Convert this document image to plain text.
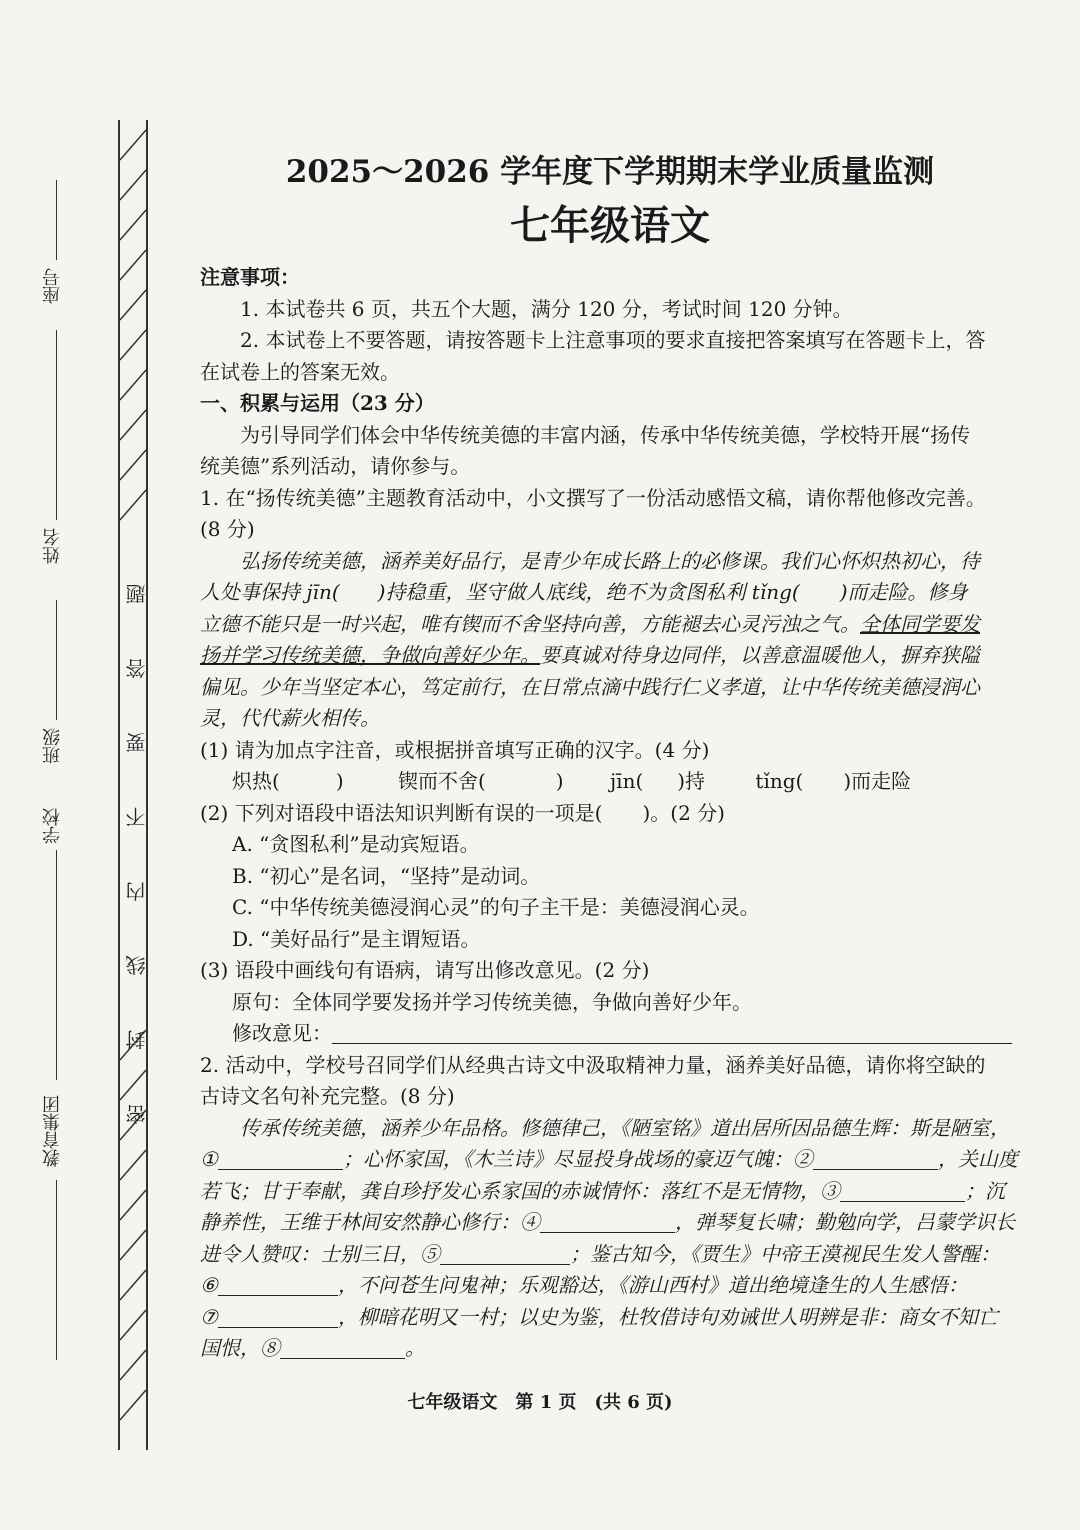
座号
姓名
班级
学校
教育集团
密 封 线 内 不 要 答 题
2025～2026 学年度下学期期末学业质量监测
七年级语文

注意事项：

1. 本试卷共 6 页，共五个大题，满分 120 分，考试时间 120 分钟。

2. 本试卷上不要答题，请按答题卡上注意事项的要求直接把答案填写在答题卡上，答

在试卷上的答案无效。

一、积累与运用（23 分）

为引导同学们体会中华传统美德的丰富内涵，传承中华传统美德，学校特开展“扬传

统美德”系列活动，请你参与。

1. 在“扬传统美德”主题教育活动中，小文撰写了一份活动感悟文稿，请你帮他修改完善。

(8 分)

弘扬传统美德，涵养美好品行，是青少年成长路上的必修课。我们心怀炽热初心，待

人处事保持 jīn( )持稳重，坚守做人底线，绝不为贪图私利 tǐng( )而走险。修身

立德不能只是一时兴起，唯有锲而不舍坚持向善，方能褪去心灵污浊之气。全体同学要发

扬并学习传统美德，争做向善好少年。要真诚对待身边同伴，以善意温暖他人，摒弃狭隘

偏见。少年当坚定本心，笃定前行，在日常点滴中践行仁义孝道，让中华传统美德浸润心

灵，代代薪火相传。

(1) 请为加点字注音，或根据拼音填写正确的汉字。(4 分)

炽热(	)	锲而不舍(	) jīn( )持	tǐng( )而走险

(2) 下列对语段中语法知识判断有误的一项是(　　)。(2 分)

A. “贪图私利”是动宾短语。

B. “初心”是名词，“坚持”是动词。

C. “中华传统美德浸润心灵”的句子主干是：美德浸润心灵。

D. “美好品行”是主谓短语。

(3) 语段中画线句有语病，请写出修改意见。(2 分)

原句：全体同学要发扬并学习传统美德，争做向善好少年。

修改意见：

2. 活动中，学校号召同学们从经典古诗文中汲取精神力量，涵养美好品德，请你将空缺的

古诗文名句补充完整。(8 分)

传承传统美德，涵养少年品格。修德律己，《陋室铭》道出居所因品德生辉：斯是陋室，

①	；心怀家国，《木兰诗》尽显投身战场的豪迈气魄：②	，关山度

若飞；甘于奉献，龚自珍抒发心系家国的赤诚情怀：落红不是无情物，③	；沉

静养性，王维于林间安然静心修行：④	，弹琴复长啸；勤勉向学，吕蒙学识长

进令人赞叹：士别三日，⑤	；鉴古知今，《贾生》中帝王漠视民生发人警醒：

⑥	，不问苍生问鬼神；乐观豁达，《游山西村》道出绝境逢生的人生感悟：

⑦	，柳暗花明又一村；以史为鉴，杜牧借诗句劝诫世人明辨是非：商女不知亡

国恨，⑧	。

七年级语文　第 1 页　(共 6 页)
